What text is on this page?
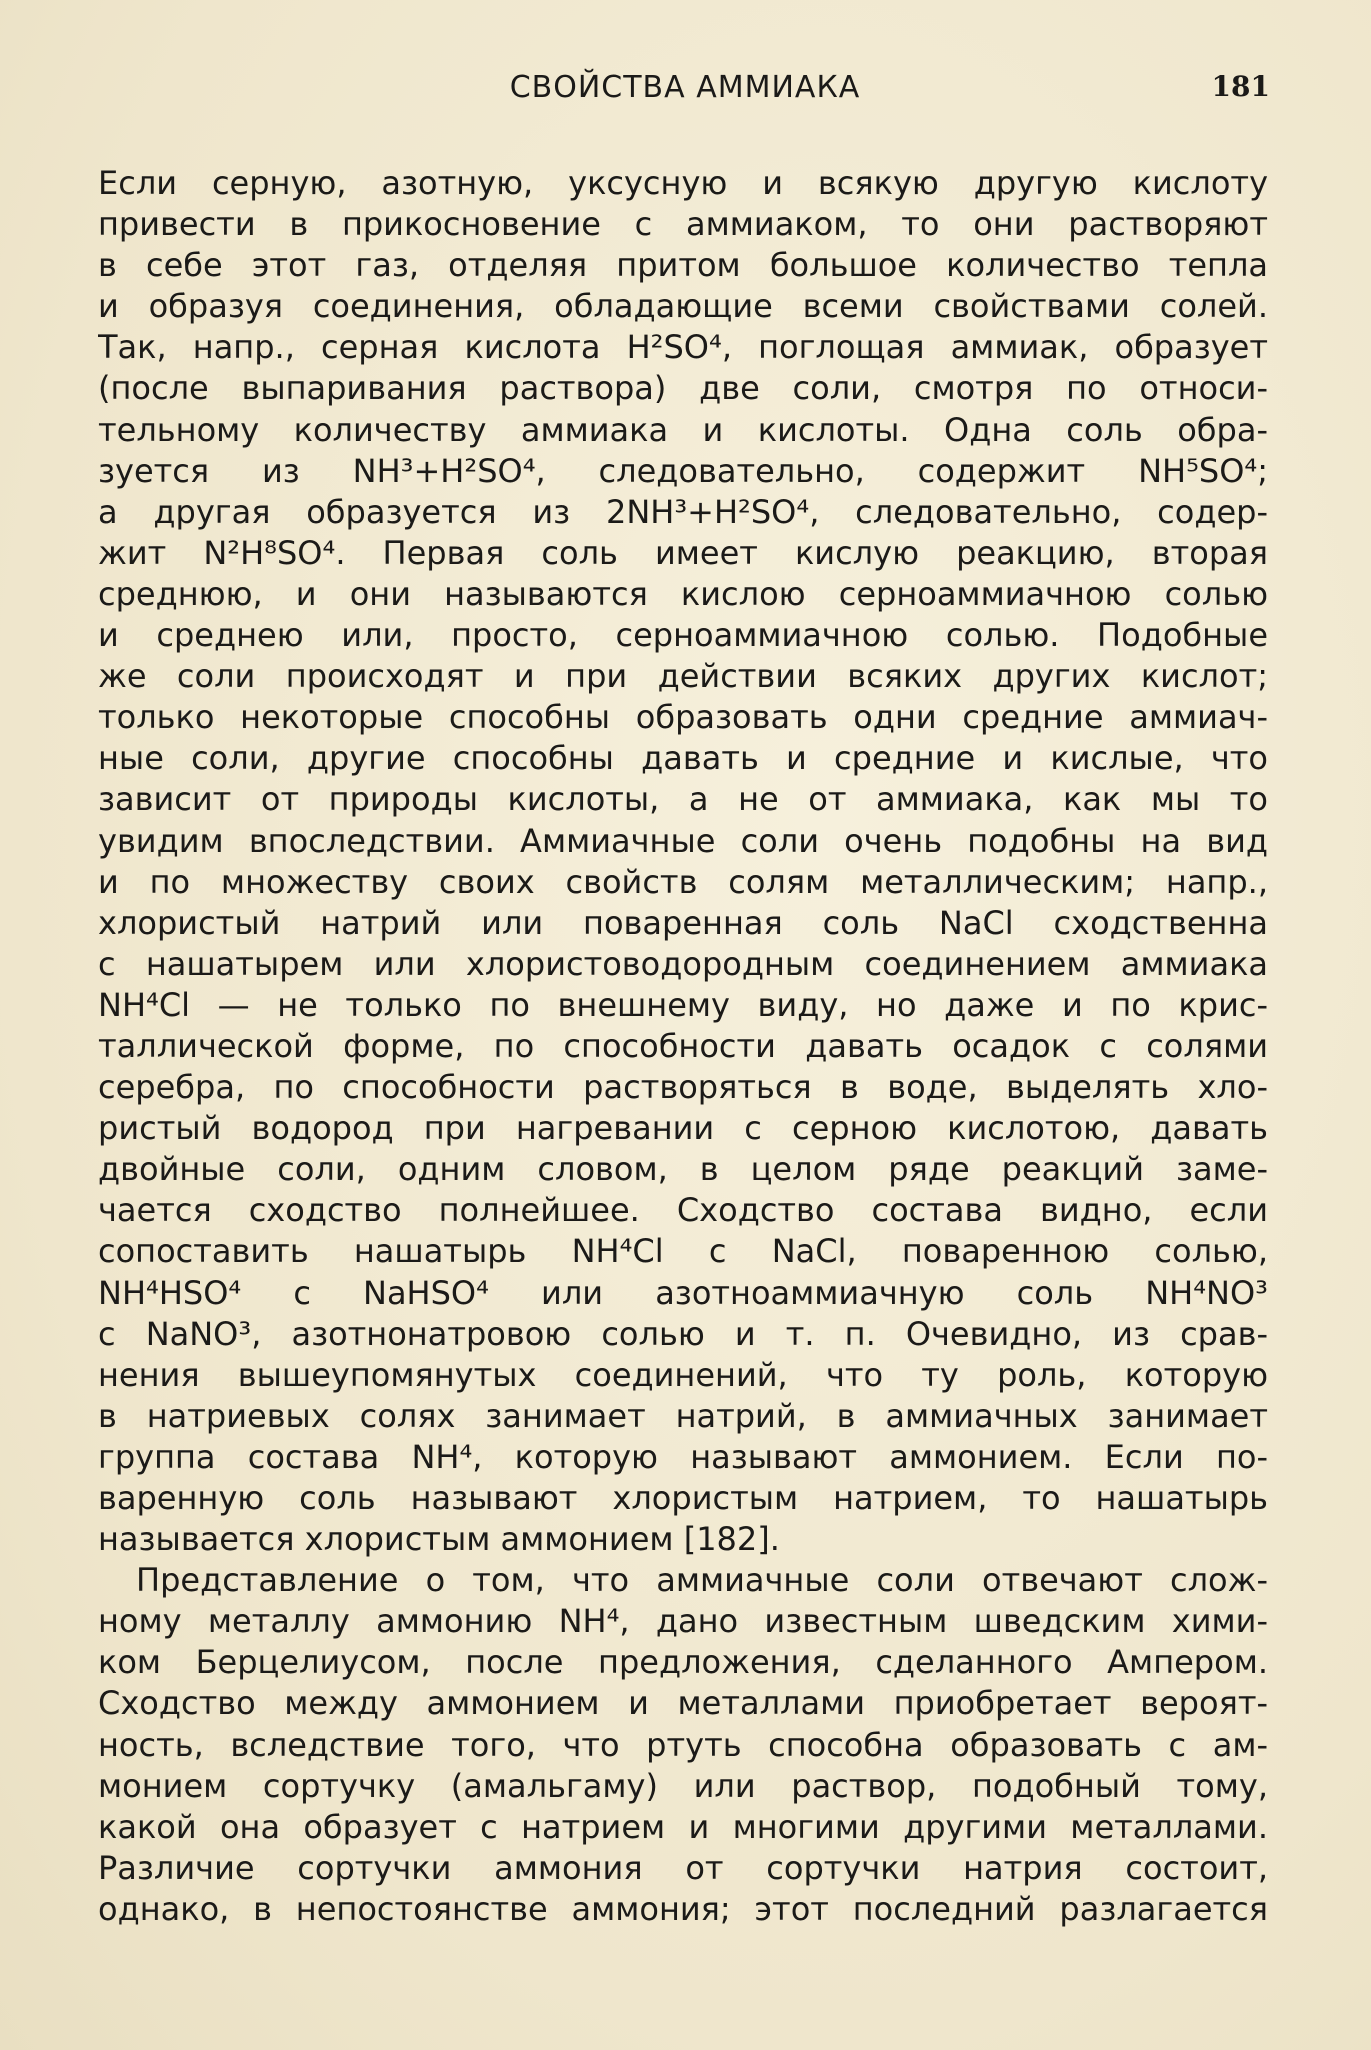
СВОЙСТВА АММИАКА	181
Если серную, азотную, уксусную и всякую другую кислоту
привести в прикосновение с аммиаком, то они растворяют
в себе этот газ, отделяя притом большое количество тепла
и образуя соединения, обладающие всеми свойствами солей.
Так, напр., серная кислота H²SO⁴, поглощая аммиак, образует
(после выпаривания раствора) две соли, смотря по относи-
тельному количеству аммиака и кислоты. Одна соль обра-
зуется из NH³+H²SO⁴, следовательно, содержит NH⁵SO⁴;
а другая образуется из 2NH³+H²SO⁴, следовательно, содер-
жит N²H⁸SO⁴. Первая соль имеет кислую реакцию, вторая
среднюю, и они называются кислою серноаммиачною солью
и среднею или, просто, серноаммиачною солью. Подобные
же соли происходят и при действии всяких других кислот;
только некоторые способны образовать одни средние аммиач-
ные соли, другие способны давать и средние и кислые, что
зависит от природы кислоты, а не от аммиака, как мы то
увидим впоследствии. Аммиачные соли очень подобны на вид
и по множеству своих свойств солям металлическим; напр.,
хлористый натрий или поваренная соль NaCl сходственна
с нашатырем или хлористоводородным соединением аммиака
NH⁴Cl — не только по внешнему виду, но даже и по крис-
таллической форме, по способности давать осадок с солями
серебра, по способности растворяться в воде, выделять хло-
ристый водород при нагревании с серною кислотою, давать
двойные соли, одним словом, в целом ряде реакций заме-
чается сходство полнейшее. Сходство состава видно, если
сопоставить нашатырь NH⁴Cl с NaCl, поваренною солью,
NH⁴HSO⁴ с NaHSO⁴ или азотноаммиачную соль NH⁴NO³
с NaNO³, азотнонатровою солью и т. п. Очевидно, из срав-
нения вышеупомянутых соединений, что ту роль, которую
в натриевых солях занимает натрий, в аммиачных занимает
группа состава NH⁴, которую называют аммонием. Если по-
варенную соль называют хлористым натрием, то нашатырь
называется хлористым аммонием [182].
Представление о том, что аммиачные соли отвечают слож-
ному металлу аммонию NH⁴, дано известным шведским хими-
ком Берцелиусом, после предложения, сделанного Ампером.
Сходство между аммонием и металлами приобретает вероят-
ность, вследствие того, что ртуть способна образовать с ам-
монием сортучку (амальгаму) или раствор, подобный тому,
какой она образует с натрием и многими другими металлами.
Различие сортучки аммония от сортучки натрия состоит,
однако, в непостоянстве аммония; этот последний разлагается
